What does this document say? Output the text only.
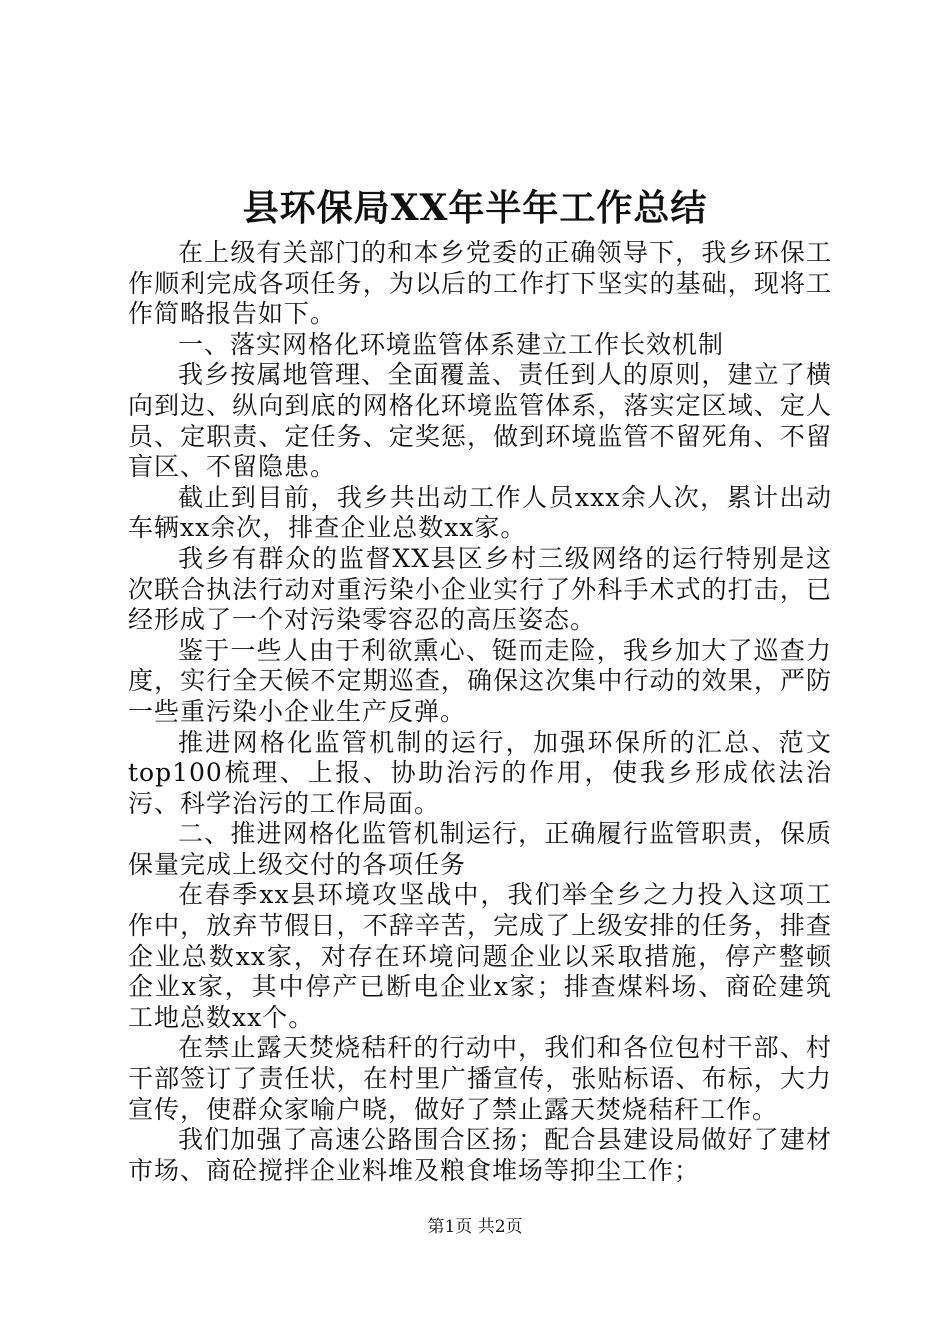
县环保局XX年半年工作总结

在上级有关部门的和本乡党委的正确领导下，我乡环保工作顺利完成各项任务，为以后的工作打下坚实的基础，现将工作简略报告如下。

一、落实网格化环境监管体系建立工作长效机制

我乡按属地管理、全面覆盖、责任到人的原则，建立了横向到边、纵向到底的网格化环境监管体系，落实定区域、定人员、定职责、定任务、定奖惩，做到环境监管不留死角、不留盲区、不留隐患。

截止到目前，我乡共出动工作人员xxx余人次，累计出动车辆xx余次，排查企业总数xx家。

我乡有群众的监督XX县区乡村三级网络的运行特别是这次联合执法行动对重污染小企业实行了外科手术式的打击，已经形成了一个对污染零容忍的高压姿态。

鉴于一些人由于利欲熏心、铤而走险，我乡加大了巡查力度，实行全天候不定期巡查，确保这次集中行动的效果，严防一些重污染小企业生产反弹。

推进网格化监管机制的运行，加强环保所的汇总、范文top100梳理、上报、协助治污的作用，使我乡形成依法治污、科学治污的工作局面。

二、推进网格化监管机制运行，正确履行监管职责，保质保量完成上级交付的各项任务

在春季xx县环境攻坚战中，我们举全乡之力投入这项工作中，放弃节假日，不辞辛苦，完成了上级安排的任务，排查企业总数xx家，对存在环境问题企业以采取措施，停产整顿企业x家，其中停产已断电企业x家；排查煤料场、商砼建筑工地总数xx个。

在禁止露天焚烧秸秆的行动中，我们和各位包村干部、村干部签订了责任状，在村里广播宣传，张贴标语、布标，大力宣传，使群众家喻户晓，做好了禁止露天焚烧秸秆工作。

我们加强了高速公路围合区扬；配合县建设局做好了建材市场、商砼搅拌企业料堆及粮食堆场等抑尘工作；

第1页 共2页
